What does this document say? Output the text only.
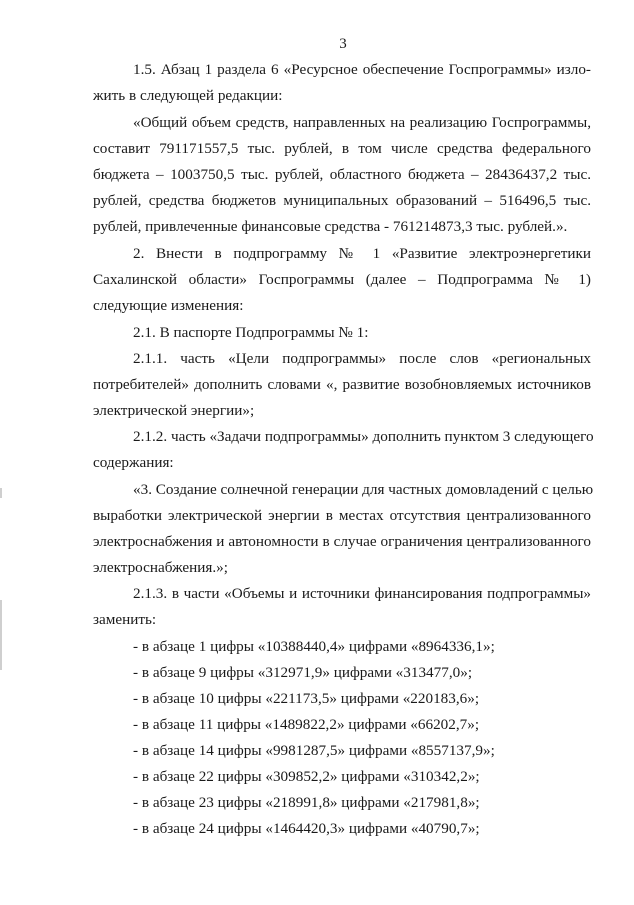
3
1.5. Абзац 1 раздела 6 «Ресурсное обеспечение Госпрограммы» изло-
жить в следующей редакции:
«Общий объем средств, направленных на реализацию Госпрограммы,
составит 791171557,5 тыс. рублей, в том числе средства федерального
бюджета – 1003750,5 тыс. рублей, областного бюджета – 28436437,2 тыс.
рублей, средства бюджетов муниципальных образований – 516496,5 тыс.
рублей, привлеченные финансовые средства - 761214873,3 тыс. рублей.».
2. Внести в подпрограмму № 1 «Развитие электроэнергетики
Сахалинской области» Госпрограммы (далее – Подпрограмма № 1)
следующие изменения:
2.1. В паспорте Подпрограммы № 1:
2.1.1. часть «Цели подпрограммы» после слов «региональных
потребителей» дополнить словами «, развитие возобновляемых источников
электрической энергии»;
2.1.2. часть «Задачи подпрограммы» дополнить пунктом 3 следующего
содержания:
«3. Создание солнечной генерации для частных домовладений с целью
выработки электрической энергии в местах отсутствия централизованного
электроснабжения и автономности в случае ограничения централизованного
электроснабжения.»;
2.1.3. в части «Объемы и источники финансирования подпрограммы»
заменить:
- в абзаце 1 цифры «10388440,4» цифрами «8964336,1»;
- в абзаце 9 цифры «312971,9» цифрами «313477,0»;
- в абзаце 10 цифры «221173,5» цифрами «220183,6»;
- в абзаце 11 цифры «1489822,2» цифрами «66202,7»;
- в абзаце 14 цифры «9981287,5» цифрами «8557137,9»;
- в абзаце 22 цифры «309852,2» цифрами «310342,2»;
- в абзаце 23 цифры «218991,8» цифрами «217981,8»;
- в абзаце 24 цифры «1464420,3» цифрами «40790,7»;
